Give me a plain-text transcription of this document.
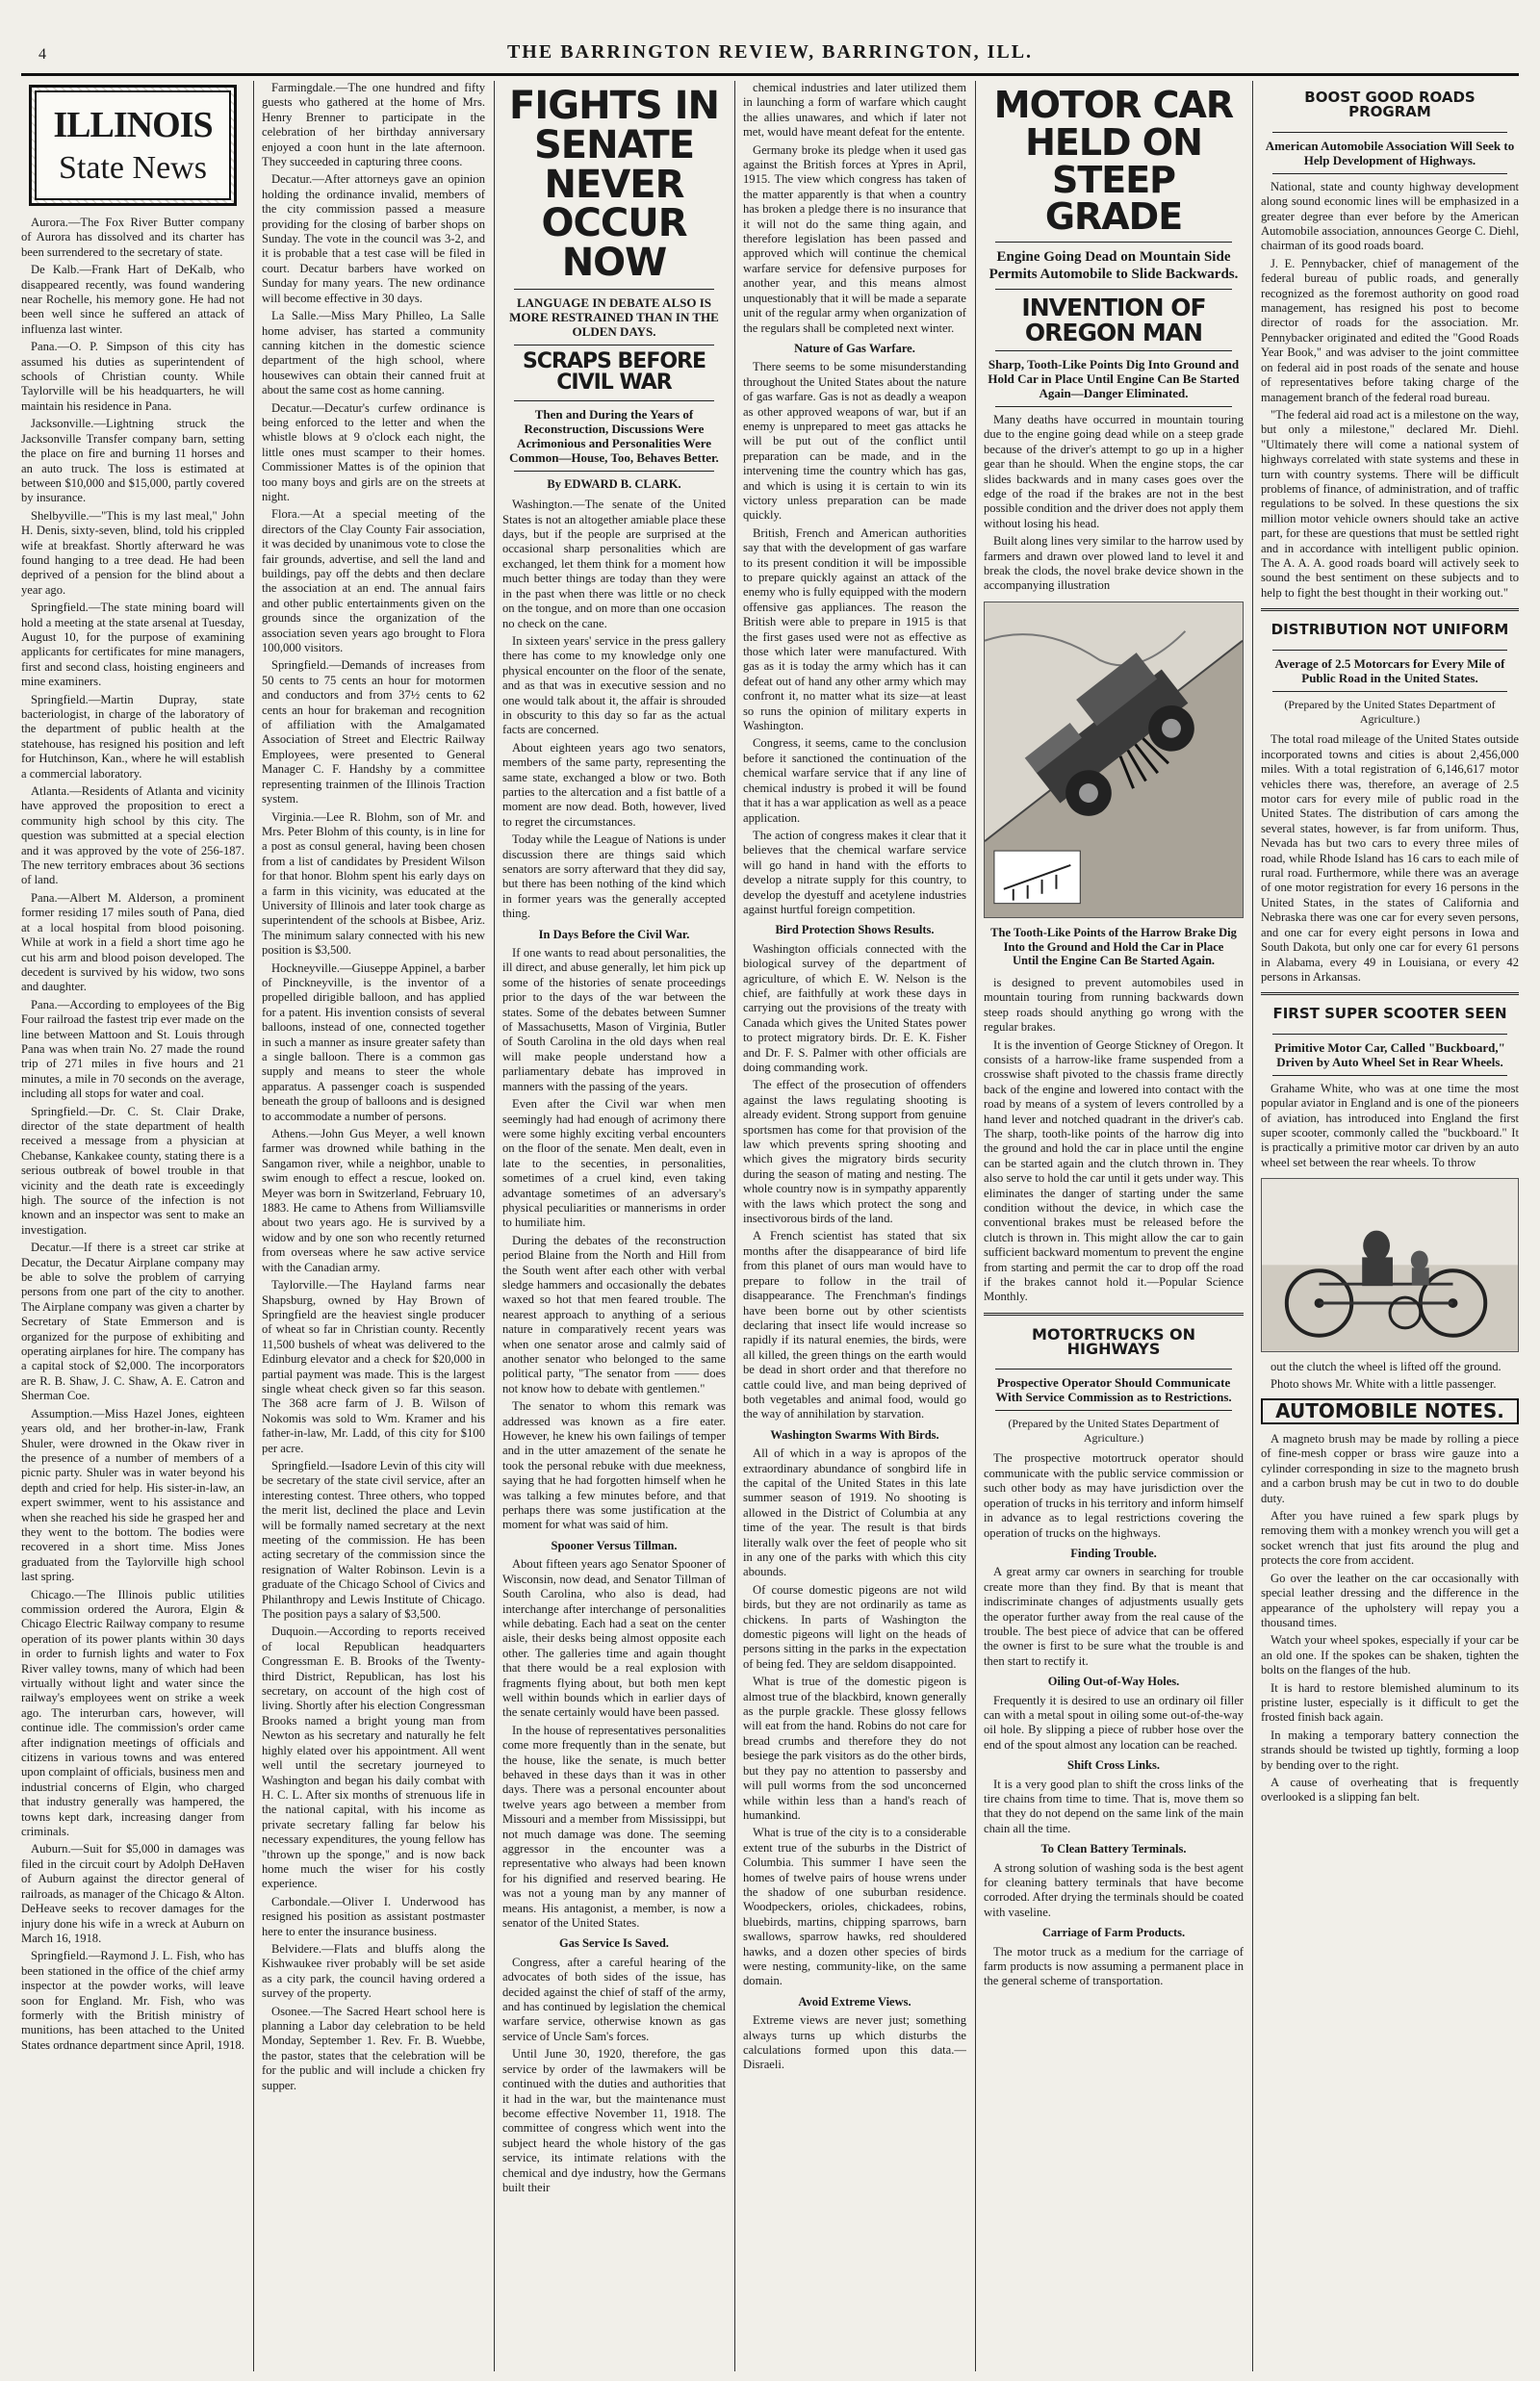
4	THE BARRINGTON REVIEW, BARRINGTON, ILL.
ILLINOIS
State News

Aurora.—The Fox River Butter company of Aurora has dissolved and its charter has been surrendered to the secretary of state.

De Kalb.—Frank Hart of DeKalb, who disappeared recently, was found wandering near Rochelle, his memory gone. He had not been well since he suffered an attack of influenza last winter.

Pana.—O. P. Simpson of this city has assumed his duties as superintendent of schools of Christian county. While Taylorville will be his headquarters, he will maintain his residence in Pana.

Jacksonville.—Lightning struck the Jacksonville Transfer company barn, setting the place on fire and burning 11 horses and an auto truck. The loss is estimated at between $10,000 and $15,000, partly covered by insurance.

Shelbyville.—"This is my last meal," John H. Denis, sixty-seven, blind, told his crippled wife at breakfast. Shortly afterward he was found hanging to a tree dead. He had been deprived of a pension for the blind about a year ago.

Springfield.—The state mining board will hold a meeting at the state arsenal at Tuesday, August 10, for the purpose of examining applicants for certificates for mine managers, first and second class, hoisting engineers and mine examiners.

Springfield.—Martin Dupray, state bacteriologist, in charge of the laboratory of the department of public health at the statehouse, has resigned his position and left for Hutchinson, Kan., where he will establish a commercial laboratory.

Atlanta.—Residents of Atlanta and vicinity have approved the proposition to erect a community high school by this city. The question was submitted at a special election and it was approved by the vote of 256-187. The new territory embraces about 36 sections of land.

Pana.—Albert M. Alderson, a prominent former residing 17 miles south of Pana, died at a local hospital from blood poisoning. While at work in a field a short time ago he cut his arm and blood poison developed. The decedent is survived by his widow, two sons and daughter.

Pana.—According to employees of the Big Four railroad the fastest trip ever made on the line between Mattoon and St. Louis through Pana was when train No. 27 made the round trip of 271 miles in five hours and 21 minutes, a mile in 70 seconds on the average, including all stops for water and coal.

Springfield.—Dr. C. St. Clair Drake, director of the state department of health received a message from a physician at Chebanse, Kankakee county, stating there is a serious outbreak of bowel trouble in that vicinity and the death rate is exceedingly high. The source of the infection is not known and an inspector was sent to make an investigation.

Decatur.—If there is a street car strike at Decatur, the Decatur Airplane company may be able to solve the problem of carrying persons from one part of the city to another. The Airplane company was given a charter by Secretary of State Emmerson and is organized for the purpose of exhibiting and operating airplanes for hire. The company has a capital stock of $2,000. The incorporators are R. B. Shaw, J. C. Shaw, A. E. Catron and Sherman Coe.

Assumption.—Miss Hazel Jones, eighteen years old, and her brother-in-law, Frank Shuler, were drowned in the Okaw river in the presence of a number of members of a picnic party. Shuler was in water beyond his depth and cried for help. His sister-in-law, an expert swimmer, went to his assistance and when she reached his side he grasped her and they went to the bottom. The bodies were recovered in a short time. Miss Jones graduated from the Taylorville high school last spring.

Chicago.—The Illinois public utilities commission ordered the Aurora, Elgin & Chicago Electric Railway company to resume operation of its power plants within 30 days in order to furnish lights and water to Fox River valley towns, many of which had been virtually without light and water since the railway's employees went on strike a week ago. The interurban cars, however, will continue idle. The commission's order came after indignation meetings of officials and citizens in various towns and was entered upon complaint of officials, business men and industrial concerns of Elgin, who charged that industry generally was hampered, the towns kept dark, increasing danger from criminals.

Auburn.—Suit for $5,000 in damages was filed in the circuit court by Adolph DeHaven of Auburn against the director general of railroads, as manager of the Chicago & Alton. DeHeave seeks to recover damages for the injury done his wife in a wreck at Auburn on March 16, 1918.

Springfield.—Raymond J. L. Fish, who has been stationed in the office of the chief army inspector at the powder works, will leave soon for England. Mr. Fish, who was formerly with the British ministry of munitions, has been attached to the United States ordnance department since April, 1918.

Farmingdale.—The one hundred and fifty guests who gathered at the home of Mrs. Henry Brenner to participate in the celebration of her birthday anniversary enjoyed a coon hunt in the late afternoon. They succeeded in capturing three coons.

Decatur.—After attorneys gave an opinion holding the ordinance invalid, members of the city commission passed a measure providing for the closing of barber shops on Sunday. The vote in the council was 3-2, and it is probable that a test case will be filed in court. Decatur barbers have worked on Sunday for many years. The new ordinance will become effective in 30 days.

La Salle.—Miss Mary Philleo, La Salle home adviser, has started a community canning kitchen in the domestic science department of the high school, where housewives can obtain their canned fruit at about the same cost as home canning.

Decatur.—Decatur's curfew ordinance is being enforced to the letter and when the whistle blows at 9 o'clock each night, the little ones must scamper to their homes. Commissioner Mattes is of the opinion that too many boys and girls are on the streets at night.

Flora.—At a special meeting of the directors of the Clay County Fair association, it was decided by unanimous vote to close the fair grounds, advertise, and sell the land and buildings, pay off the debts and then declare the association at an end. The annual fairs and other public entertainments given on the grounds since the organization of the association seven years ago brought to Flora 100,000 visitors.

Springfield.—Demands of increases from 50 cents to 75 cents an hour for motormen and conductors and from 37½ cents to 62 cents an hour for brakeman and recognition of affiliation with the Amalgamated Association of Street and Electric Railway Employees, were presented to General Manager C. F. Handshy by a committee representing trainmen of the Illinois Traction system.

Virginia.—Lee R. Blohm, son of Mr. and Mrs. Peter Blohm of this county, is in line for a post as consul general, having been chosen from a list of candidates by President Wilson for that honor. Blohm spent his early days on a farm in this vicinity, was educated at the University of Illinois and later took charge as superintendent of the schools at Bisbee, Ariz. The minimum salary connected with his new position is $3,500.

Hockneyville.—Giuseppe Appinel, a barber of Pinckneyville, is the inventor of a propelled dirigible balloon, and has applied for a patent. His invention consists of several balloons, instead of one, connected together in such a manner as insure greater safety than a single balloon. There is a common gas supply and means to steer the whole apparatus. A passenger coach is suspended beneath the group of balloons and is designed to accommodate a number of persons.

Athens.—John Gus Meyer, a well known farmer was drowned while bathing in the Sangamon river, while a neighbor, unable to swim enough to effect a rescue, looked on. Meyer was born in Switzerland, February 10, 1883. He came to Athens from Williamsville about two years ago. He is survived by a widow and by one son who recently returned from overseas where he saw active service with the Canadian army.

Taylorville.—The Hayland farms near Shapsburg, owned by Hay Brown of Springfield are the heaviest single producer of wheat so far in Christian county. Recently 11,500 bushels of wheat was delivered to the Edinburg elevator and a check for $20,000 in partial payment was made. This is the largest single wheat check given so far this season. The 368 acre farm of J. B. Wilson of Nokomis was sold to Wm. Kramer and his father-in-law, Mr. Ladd, of this city for $100 per acre.

Springfield.—Isadore Levin of this city will be secretary of the state civil service, after an interesting contest. Three others, who topped the merit list, declined the place and Levin will be formally named secretary at the next meeting of the commission. He has been acting secretary of the commission since the resignation of Walter Robinson. Levin is a graduate of the Chicago School of Civics and Philanthropy and Lewis Institute of Chicago. The position pays a salary of $3,500.

Duquoin.—According to reports received of local Republican headquarters Congressman E. B. Brooks of the Twenty-third District, Republican, has lost his secretary, on account of the high cost of living. Shortly after his election Congressman Brooks named a bright young man from Newton as his secretary and naturally he felt highly elated over his appointment. All went well until the secretary journeyed to Washington and began his daily combat with H. C. L. After six months of strenuous life in the national capital, with his income as private secretary falling far below his necessary expenditures, the young fellow has "thrown up the sponge," and is now back home much the wiser for his costly experience.

Carbondale.—Oliver I. Underwood has resigned his position as assistant postmaster here to enter the insurance business.

Belvidere.—Flats and bluffs along the Kishwaukee river probably will be set aside as a city park, the council having ordered a survey of the property.

Osonee.—The Sacred Heart school here is planning a Labor day celebration to be held Monday, September 1. Rev. Fr. B. Wuebbe, the pastor, states that the celebration will be for the public and will include a chicken fry supper.

FIGHTS IN SENATE NEVER OCCUR NOW
LANGUAGE IN DEBATE ALSO IS MORE RESTRAINED THAN IN THE OLDEN DAYS.
SCRAPS BEFORE CIVIL WAR
Then and During the Years of Reconstruction, Discussions Were Acrimonious and Personalities Were Common—House, Too, Behaves Better.

By EDWARD B. CLARK.

Washington.—The senate of the United States is not an altogether amiable place these days, but if the people are surprised at the occasional sharp personalities which are exchanged, let them think for a moment how much better things are today than they were in the past when there was little or no check on the tongue, and on more than one occasion no check on the cane.

In sixteen years' service in the press gallery there has come to my knowledge only one physical encounter on the floor of the senate, and as that was in executive session and no one would talk about it, the affair is shrouded in obscurity to this day so far as the actual facts are concerned.

About eighteen years ago two senators, members of the same party, representing the same state, exchanged a blow or two. Both parties to the altercation and a fist battle of a moment are now dead. Both, however, lived to regret the circumstances.

Today while the League of Nations is under discussion there are things said which senators are sorry afterward that they did say, but there has been nothing of the kind which in former years was the generally accepted thing.

In Days Before the Civil War.

If one wants to read about personalities, the ill direct, and abuse generally, let him pick up some of the histories of senate proceedings prior to the days of the war between the states. Some of the debates between Sumner of Massachusetts, Mason of Virginia, Butler of South Carolina in the old days when real will make people understand how a parliamentary debate has improved in manners with the passing of the years.

Even after the Civil war when men seemingly had had enough of acrimony there were some highly exciting verbal encounters on the floor of the senate. Men dealt, even in late to the secenties, in personalities, sometimes of a cruel kind, even taking advantage sometimes of an adversary's physical peculiarities or mannerisms in order to humiliate him.

During the debates of the reconstruction period Blaine from the North and Hill from the South went after each other with verbal sledge hammers and occasionally the debates waxed so hot that men feared trouble. The nearest approach to anything of a serious nature in comparatively recent years was when one senator arose and calmly said of another senator who belonged to the same political party, "The senator from —— does not know how to debate with gentlemen."

The senator to whom this remark was addressed was known as a fire eater. However, he knew his own failings of temper and in the utter amazement of the senate he took the personal rebuke with due meekness, saying that he had forgotten himself when he was talking a few minutes before, and that perhaps there was some justification at the moment for what was said of him.

Spooner Versus Tillman.

About fifteen years ago Senator Spooner of Wisconsin, now dead, and Senator Tillman of South Carolina, who also is dead, had interchange after interchange of personalities while debating. Each had a seat on the center aisle, their desks being almost opposite each other. The galleries time and again thought that there would be a real explosion with fragments flying about, but both men kept well within bounds which in earlier days of the senate certainly would have been passed.

In the house of representatives personalities come more frequently than in the senate, but the house, like the senate, is much better behaved in these days than it was in other days. There was a personal encounter about twelve years ago between a member from Missouri and a member from Mississippi, but not much damage was done. The seeming aggressor in the encounter was a representative who always had been known for his dignified and reserved bearing. He was not a young man by any manner of means. His antagonist, a member, is now a senator of the United States.

Gas Service Is Saved.

Congress, after a careful hearing of the advocates of both sides of the issue, has decided against the chief of staff of the army, and has continued by legislation the chemical warfare service, otherwise known as gas service of Uncle Sam's forces.

Until June 30, 1920, therefore, the gas service by order of the lawmakers will be continued with the duties and authorities that it had in the war, but the maintenance must become effective November 11, 1918. The committee of congress which went into the subject heard the whole history of the gas service, its intimate relations with the chemical and dye industry, how the Germans built their

chemical industries and later utilized them in launching a form of warfare which caught the allies unawares, and which if later not met, would have meant defeat for the entente.

Germany broke its pledge when it used gas against the British forces at Ypres in April, 1915. The view which congress has taken of the matter apparently is that when a country has broken a pledge there is no insurance that it will not do the same thing again, and therefore legislation has been passed and approved which will continue the chemical warfare service for defensive purposes for another year, and this means almost unquestionably that it will be made a separate unit of the regular army when organization of the regulars shall be completed next winter.

Nature of Gas Warfare.

There seems to be some misunderstanding throughout the United States about the nature of gas warfare. Gas is not as deadly a weapon as other approved weapons of war, but if an enemy is unprepared to meet gas attacks he will be put out of the conflict until preparation can be made, and in the intervening time the country which has gas, and which is using it is certain to win its victory unless preparation can be made quickly.

British, French and American authorities say that with the development of gas warfare to its present condition it will be impossible to prepare quickly against an attack of the enemy who is fully equipped with the modern offensive gas appliances. The reason the British were able to prepare in 1915 is that the first gases used were not as effective as those which later were manufactured. With gas as it is today the army which has it can defeat out of hand any other army which may confront it, no matter what its size—at least so runs the opinion of military experts in Washington.

Congress, it seems, came to the conclusion before it sanctioned the continuation of the chemical warfare service that if any line of chemical industry is probed it will be found that it has a war application as well as a peace application.

The action of congress makes it clear that it believes that the chemical warfare service will go hand in hand with the efforts to develop a nitrate supply for this country, to develop the dyestuff and acetylene industries against hurtful foreign competition.

Bird Protection Shows Results.

Washington officials connected with the biological survey of the department of agriculture, of which E. W. Nelson is the chief, are faithfully at work these days in carrying out the provisions of the treaty with Canada which gives the United States power to protect migratory birds. Dr. E. K. Fisher and Dr. F. S. Palmer with other officials are doing commanding work.

The effect of the prosecution of offenders against the laws regulating shooting is already evident. Strong support from genuine sportsmen has come for that provision of the law which prevents spring shooting and which gives the migratory birds security during the season of mating and nesting. The whole country now is in sympathy apparently with the laws which protect the song and insectivorous birds of the land.

A French scientist has stated that six months after the disappearance of bird life from this planet of ours man would have to prepare to follow in the trail of disappearance. The Frenchman's findings have been borne out by other scientists declaring that insect life would increase so rapidly if its natural enemies, the birds, were all killed, the green things on the earth would be dead in short order and that therefore no cattle could live, and man being deprived of both vegetables and animal food, would go the way of annihilation by starvation.

Washington Swarms With Birds.

All of which in a way is apropos of the extraordinary abundance of songbird life in the capital of the United States in this late summer season of 1919. No shooting is allowed in the District of Columbia at any time of the year. The result is that birds literally walk over the feet of people who sit in any one of the parks with which this city abounds.

Of course domestic pigeons are not wild birds, but they are not ordinarily as tame as chickens. In parts of Washington the domestic pigeons will light on the heads of persons sitting in the parks in the expectation of being fed. They are seldom disappointed.

What is true of the domestic pigeon is almost true of the blackbird, known generally as the purple grackle. These glossy fellows will eat from the hand. Robins do not care for bread crumbs and therefore they do not besiege the park visitors as do the other birds, but they pay no attention to passersby and will pull worms from the sod unconcerned while within less than a hand's reach of humankind.

What is true of the city is to a considerable extent true of the suburbs in the District of Columbia. This summer I have seen the homes of twelve pairs of house wrens under the shadow of one suburban residence. Woodpeckers, orioles, chickadees, robins, bluebirds, martins, chipping sparrows, barn swallows, sparrow hawks, red shouldered hawks, and a dozen other species of birds were nesting, community-like, on the same domain.

Avoid Extreme Views.

Extreme views are never just; something always turns up which disturbs the calculations formed upon this data.—Disraeli.

MOTOR CAR HELD ON STEEP GRADE
Engine Going Dead on Mountain Side Permits Automobile to Slide Backwards.
INVENTION OF OREGON MAN
Sharp, Tooth-Like Points Dig Into Ground and Hold Car in Place Until Engine Can Be Started Again—Danger Eliminated.

Many deaths have occurred in mountain touring due to the engine going dead while on a steep grade because of the driver's attempt to go up in a higher gear than he should. When the engine stops, the car slides backwards and in many cases goes over the edge of the road if the brakes are not in the best possible condition and the driver does not apply them without losing his head.

Built along lines very similar to the harrow used by farmers and drawn over plowed land to level it and break the clods, the novel brake device shown in the accompanying illustration

The Tooth-Like Points of the Harrow Brake Dig Into the Ground and Hold the Car in Place Until the Engine Can Be Started Again.

is designed to prevent automobiles used in mountain touring from running backwards down steep roads should anything go wrong with the regular brakes.

It is the invention of George Stickney of Oregon. It consists of a harrow-like frame suspended from a crosswise shaft pivoted to the chassis frame directly back of the engine and lowered into contact with the road by means of a system of levers controlled by a hand lever and notched quadrant in the driver's cab. The sharp, tooth-like points of the harrow dig into the ground and hold the car in place until the engine can be started again and the clutch thrown in. They also serve to hold the car until it gets under way. This eliminates the danger of starting under the same condition without the device, in which case the conventional brakes must be released before the clutch is thrown in. This might allow the car to gain sufficient backward momentum to prevent the engine from starting and permit the car to drop off the road if the brakes cannot hold it.—Popular Science Monthly.

MOTORTRUCKS ON HIGHWAYS
Prospective Operator Should Communicate With Service Commission as to Restrictions.

(Prepared by the United States Department of Agriculture.)

The prospective motortruck operator should communicate with the public service commission or such other body as may have jurisdiction over the operation of trucks in his territory and inform himself in advance as to legal restrictions covering the operation of trucks on the highways.

Finding Trouble.

A great army car owners in searching for trouble create more than they find. By that is meant that indiscriminate changes of adjustments usually gets the operator further away from the real cause of the trouble. The best piece of advice that can be offered the owner is first to be sure what the trouble is and then start to rectify it.

Oiling Out-of-Way Holes.

Frequently it is desired to use an ordinary oil filler can with a metal spout in oiling some out-of-the-way oil hole. By slipping a piece of rubber hose over the end of the spout almost any location can be reached.

Shift Cross Links.

It is a very good plan to shift the cross links of the tire chains from time to time. That is, move them so that they do not depend on the same link of the main chain all the time.

To Clean Battery Terminals.

A strong solution of washing soda is the best agent for cleaning battery terminals that have become corroded. After drying the terminals should be coated with vaseline.

Carriage of Farm Products.

The motor truck as a medium for the carriage of farm products is now assuming a permanent place in the general scheme of transportation.

BOOST GOOD ROADS PROGRAM
American Automobile Association Will Seek to Help Development of Highways.

National, state and county highway development along sound economic lines will be emphasized in a greater degree than ever before by the American Automobile association, announces George C. Diehl, chairman of its good roads board.

J. E. Pennybacker, chief of management of the federal bureau of public roads, and generally recognized as the foremost authority on good road management, has resigned his post to become director of roads for the association. Mr. Pennybacker originated and edited the "Good Roads Year Book," and was adviser to the joint committee on federal aid in post roads of the senate and house of representatives before taking charge of the management branch of the federal road bureau.

"The federal aid road act is a milestone on the way, but only a milestone," declared Mr. Diehl. "Ultimately there will come a national system of highways correlated with state systems and these in turn with country systems. There will be difficult problems of finance, of administration, and of traffic regulations to be solved. In these questions the six million motor vehicle owners should take an active part, for these are questions that must be settled right and in accordance with intelligent public opinion. The A. A. A. good roads board will actively seek to sound the best sentiment on these subjects and to help to fight the best thought in their working out."

DISTRIBUTION NOT UNIFORM
Average of 2.5 Motorcars for Every Mile of Public Road in the United States.

(Prepared by the United States Department of Agriculture.)

The total road mileage of the United States outside incorporated towns and cities is about 2,456,000 miles. With a total registration of 6,146,617 motor vehicles there was, therefore, an average of 2.5 motor cars for every mile of public road in the United States. The distribution of cars among the several states, however, is far from uniform. Thus, Nevada has but two cars to every three miles of road, while Rhode Island has 16 cars to each mile of rural road. Furthermore, while there was an average of one motor registration for every 16 persons in the United States, in the states of California and Nebraska there was one car for every seven persons, and one car for every eight persons in Iowa and South Dakota, but only one car for every 61 persons in Alabama, every 49 in Louisiana, or every 42 persons in Arkansas.

FIRST SUPER SCOOTER SEEN
Primitive Motor Car, Called "Buckboard," Driven by Auto Wheel Set in Rear Wheels.

Grahame White, who was at one time the most popular aviator in England and is one of the pioneers of aviation, has introduced into England the first super scooter, commonly called the "buckboard." It is practically a primitive motor car driven by an auto wheel set between the rear wheels. To throw

out the clutch the wheel is lifted off the ground.

Photo shows Mr. White with a little passenger.

AUTOMOBILE NOTES.

A magneto brush may be made by rolling a piece of fine-mesh copper or brass wire gauze into a cylinder corresponding in size to the magneto brush and a carbon brush may be cut in two to do double duty.

After you have ruined a few spark plugs by removing them with a monkey wrench you will get a socket wrench that just fits around the plug and protects the core from accident.

Go over the leather on the car occasionally with special leather dressing and the difference in the appearance of the upholstery will repay you a thousand times.

Watch your wheel spokes, especially if your car be an old one. If the spokes can be shaken, tighten the bolts on the flanges of the hub.

It is hard to restore blemished aluminum to its pristine luster, especially is it difficult to get the frosted finish back again.

In making a temporary battery connection the strands should be twisted up tightly, forming a loop by bending over to the right.

A cause of overheating that is frequently overlooked is a slipping fan belt.
